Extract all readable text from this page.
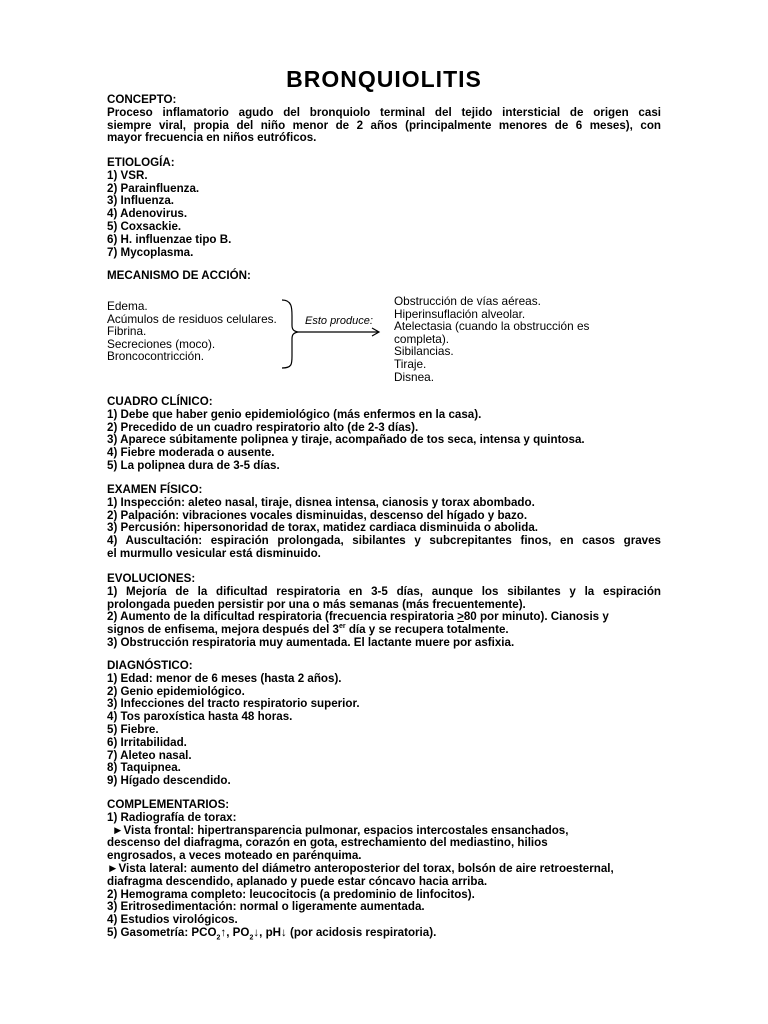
BRONQUIOLITIS

CONCEPTO:

Proceso inflamatorio agudo del bronquiolo terminal del tejido intersticial de origen casi

siempre viral, propia del niño menor de 2 años (principalmente menores de 6 meses), con

mayor frecuencia en niños eutróficos.

ETIOLOGÍA:

1) VSR.

2) Parainfluenza.

3) Influenza.

4) Adenovirus.

5) Coxsackie.

6) H. influenzae tipo B.

7) Mycoplasma.

MECANISMO DE ACCIÓN:

Edema.

Acúmulos de residuos celulares.

Fibrina.

Secreciones (moco).

Broncocontricción.

Esto produce:

Obstrucción de vías aéreas.

Hiperinsuflación alveolar.

Atelectasia (cuando la obstrucción es

completa).

Sibilancias.

Tiraje.

Disnea.

CUADRO CLÍNICO:

1) Debe que haber genio epidemiológico (más enfermos en la casa).

2) Precedido de un cuadro respiratorio alto (de 2-3 días).

3) Aparece súbitamente polipnea y tiraje, acompañado de tos seca, intensa y quintosa.

4) Fiebre moderada o ausente.

5) La polipnea dura de 3-5 días.

EXAMEN FÍSICO:

1) Inspección: aleteo nasal, tiraje, disnea intensa, cianosis y torax abombado.

2) Palpación: vibraciones vocales disminuidas, descenso del hígado y bazo.

3) Percusión: hipersonoridad de torax, matidez cardiaca disminuida o abolida.

4) Auscultación: espiración prolongada, sibilantes y subcrepitantes finos, en casos graves

el murmullo vesicular está disminuido.

EVOLUCIONES:

1) Mejoría de la dificultad respiratoria en 3-5 días, aunque los sibilantes y la espiración

prolongada pueden persistir por una o más semanas (más frecuentemente).

2) Aumento de la dificultad respiratoria (frecuencia respiratoria ≥80 por minuto). Cianosis y

signos de enfisema, mejora después del 3er día y se recupera totalmente.

3) Obstrucción respiratoria muy aumentada. El lactante muere por asfixia.

DIAGNÓSTICO:

1) Edad: menor de 6 meses (hasta 2 años).

2) Genio epidemiológico.

3) Infecciones del tracto respiratorio superior.

4) Tos paroxística hasta 48 horas.

5) Fiebre.

6) Irritabilidad.

7) Aleteo nasal.

8) Taquipnea.

9) Hígado descendido.

COMPLEMENTARIOS:

1) Radiografía de torax:

►Vista frontal: hipertransparencia pulmonar, espacios intercostales ensanchados,

descenso del diafragma, corazón en gota, estrechamiento del mediastino, hilios

engrosados, a veces moteado en parénquima.

►Vista lateral: aumento del diámetro anteroposterior del torax, bolsón de aire retroesternal,

diafragma descendido, aplanado y puede estar cóncavo hacia arriba.

2) Hemograma completo: leucocitocis (a predominio de linfocitos).

3) Eritrosedimentación: normal o ligeramente aumentada.

4) Estudios virológicos.

5) Gasometría: $PCO_2↑$, $PO_2↓$, pH↓ (por acidosis respiratoria).
